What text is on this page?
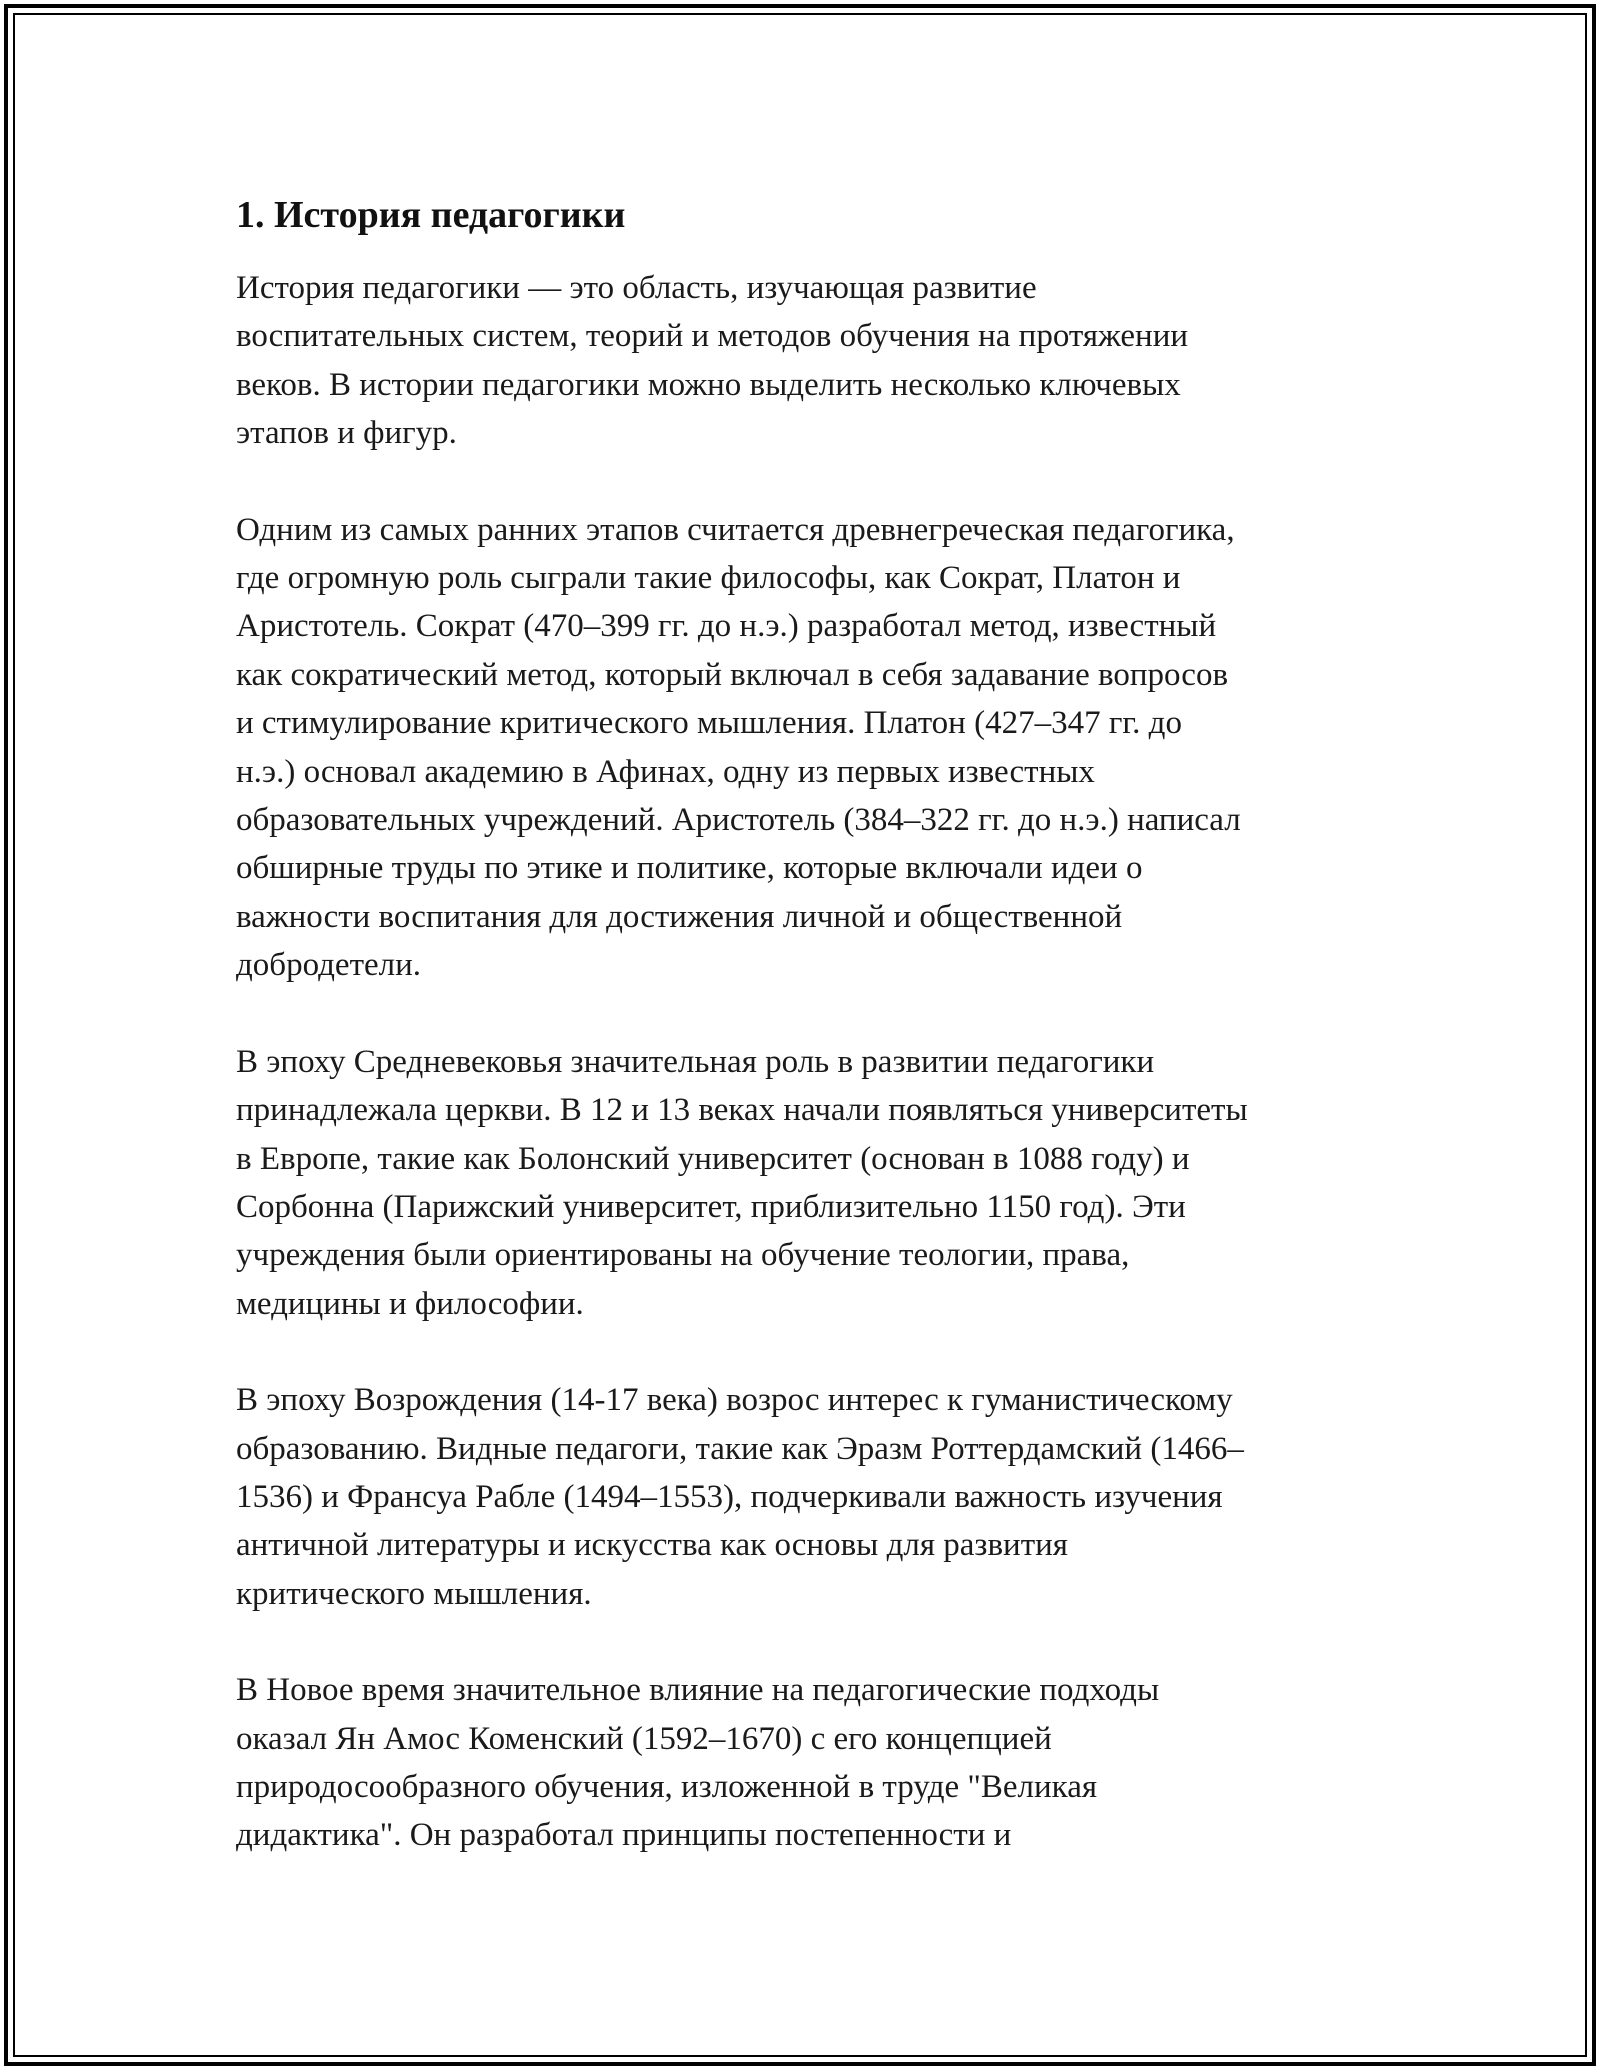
1. История педагогики

История педагогики — это область, изучающая развитие
воспитательных систем, теорий и методов обучения на протяжении
веков. В истории педагогики можно выделить несколько ключевых
этапов и фигур.

Одним из самых ранних этапов считается древнегреческая педагогика,
где огромную роль сыграли такие философы, как Сократ, Платон и
Аристотель. Сократ (470–399 гг. до н.э.) разработал метод, известный
как сократический метод, который включал в себя задавание вопросов
и стимулирование критического мышления. Платон (427–347 гг. до
н.э.) основал академию в Афинах, одну из первых известных
образовательных учреждений. Аристотель (384–322 гг. до н.э.) написал
обширные труды по этике и политике, которые включали идеи о
важности воспитания для достижения личной и общественной
добродетели.

В эпоху Средневековья значительная роль в развитии педагогики
принадлежала церкви. В 12 и 13 веках начали появляться университеты
в Европе, такие как Болонский университет (основан в 1088 году) и
Сорбонна (Парижский университет, приблизительно 1150 год). Эти
учреждения были ориентированы на обучение теологии, права,
медицины и философии.

В эпоху Возрождения (14-17 века) возрос интерес к гуманистическому
образованию. Видные педагоги, такие как Эразм Роттердамский (1466–
1536) и Франсуа Рабле (1494–1553), подчеркивали важность изучения
античной литературы и искусства как основы для развития
критического мышления.

В Новое время значительное влияние на педагогические подходы
оказал Ян Амос Коменский (1592–1670) с его концепцией
природосообразного обучения, изложенной в труде "Великая
дидактика". Он разработал принципы постепенности и
